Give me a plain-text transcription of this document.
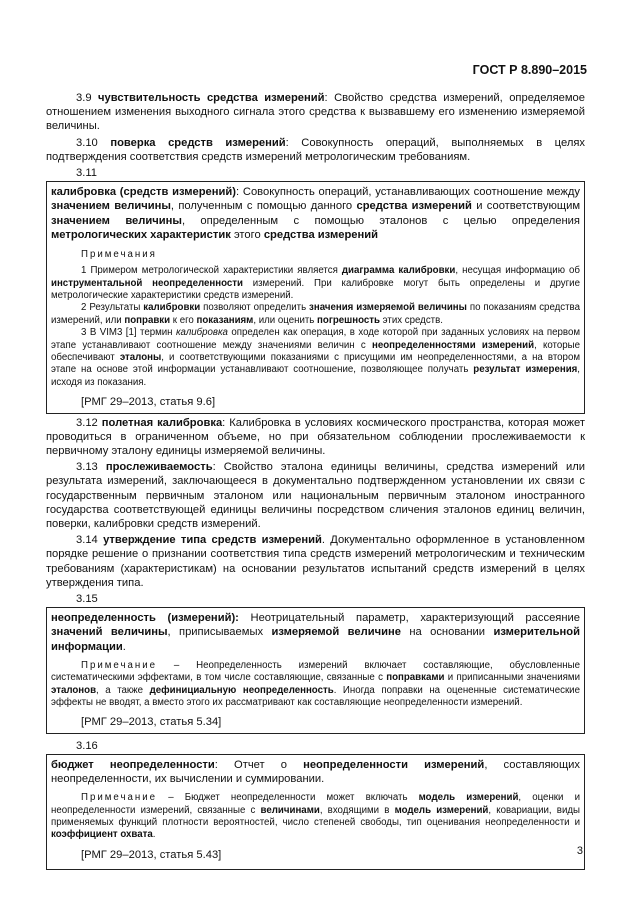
ГОСТ Р 8.890–2015

3.9 чувствительность средства измерений: Свойство средства измерений, определяемое отношением изменения выходного сигнала этого средства к вызвавшему его изменению измеряемой величины.

3.10 поверка средств измерений: Совокупность операций, выполняемых в целях подтверждения соответствия средств измерений метрологическим требованиям.

3.11

калибровка (средств измерений): Совокупность операций, устанавливающих соотношение между значением величины, полученным с помощью данного средства измерений и соответствующим значением величины, определенным с помощью эталонов с целью определения метрологических характеристик этого средства измерений

Примечания

1 Примером метрологической характеристики является диаграмма калибровки, несущая информацию об инструментальной неопределенности измерений. При калибровке могут быть определены и другие метрологические характеристики средств измерений.

2 Результаты калибровки позволяют определить значения измеряемой величины по показаниям средства измерений, или поправки к его показаниям, или оценить погрешность этих средств.

3 В VIM3 [1] термин калибровка определен как операция, в ходе которой при заданных условиях на первом этапе устанавливают соотношение между значениями величин с неопределенностями измерений, которые обеспечивают эталоны, и соответствующими показаниями с присущими им неопределенностями, а на втором этапе на основе этой информации устанавливают соотношение, позволяющее получать результат измерения, исходя из показания.

[РМГ 29–2013, статья 9.6]

3.12 полетная калибровка: Калибровка в условиях космического пространства, которая может проводиться в ограниченном объеме, но при обязательном соблюдении прослеживаемости к первичному эталону единицы измеряемой величины.

3.13 прослеживаемость: Свойство эталона единицы величины, средства измерений или результата измерений, заключающееся в документально подтвержденном установлении их связи с государственным первичным эталоном или национальным первичным эталоном иностранного государства соответствующей единицы величины посредством сличения эталонов единиц величин, поверки, калибровки средств измерений.

3.14 утверждение типа средств измерений. Документально оформленное в установленном порядке решение о признании соответствия типа средств измерений метрологическим и техническим требованиям (характеристикам) на основании результатов испытаний средств измерений в целях утверждения типа.

3.15

неопределенность (измерений): Неотрицательный параметр, характеризующий рассеяние значений величины, приписываемых измеряемой величине на основании измерительной информации.

Примечание – Неопределенность измерений включает составляющие, обусловленные систематическими эффектами, в том числе составляющие, связанные с поправками и приписанными значениями эталонов, а также дефинициальную неопределенность. Иногда поправки на оцененные систематические эффекты не вводят, а вместо этого их рассматривают как составляющие неопределенности измерений.

[РМГ 29–2013, статья 5.34]
3.16

бюджет неопределенности: Отчет о неопределенности измерений, составляющих неопределенности, их вычислении и суммировании.

Примечание – Бюджет неопределенности может включать модель измерений, оценки и неопределенности измерений, связанные с величинами, входящими в модель измерений, ковариации, виды применяемых функций плотности вероятностей, число степеней свободы, тип оценивания неопределенности и коэффициент охвата.

[РМГ 29–2013, статья 5.43]	3
